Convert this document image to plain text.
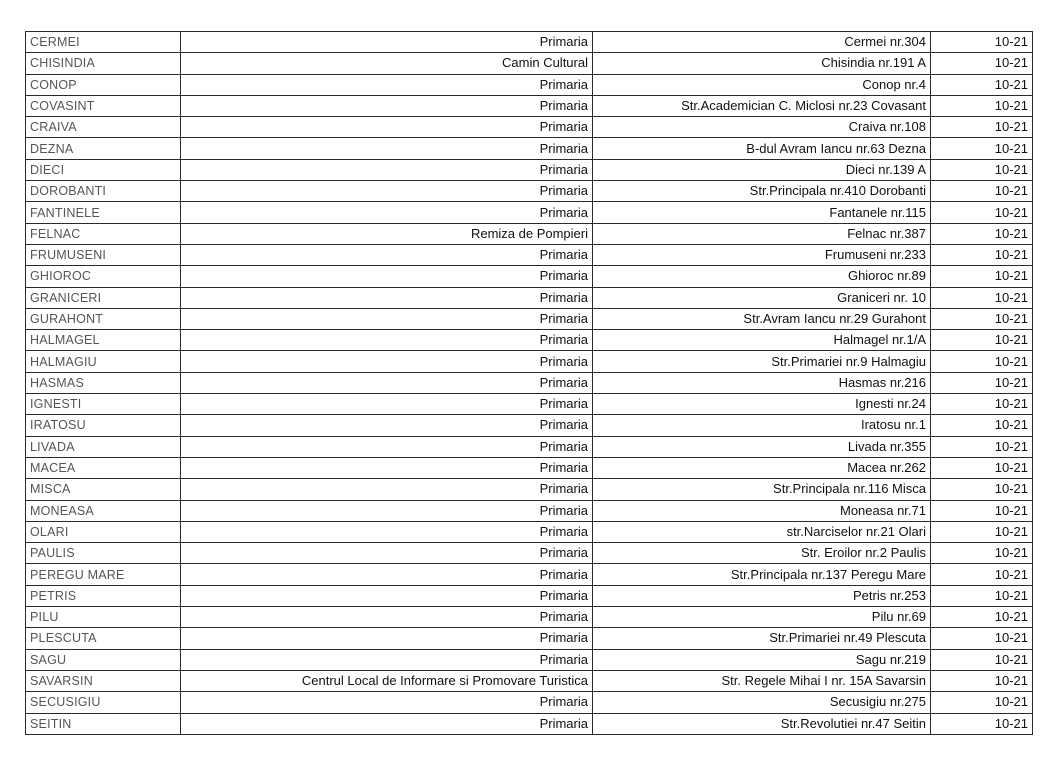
CERMEI	Primaria	Cermei nr.304	10-21
CHISINDIA	Camin Cultural	Chisindia nr.191 A	10-21
CONOP	Primaria	Conop nr.4	10-21
COVASINT	Primaria	Str.Academician C. Miclosi nr.23 Covasant	10-21
CRAIVA	Primaria	Craiva nr.108	10-21
DEZNA	Primaria	B-dul Avram Iancu nr.63 Dezna	10-21
DIECI	Primaria	Dieci nr.139 A	10-21
DOROBANTI	Primaria	Str.Principala nr.410 Dorobanti	10-21
FANTINELE	Primaria	Fantanele nr.115	10-21
FELNAC	Remiza de Pompieri	Felnac nr.387	10-21
FRUMUSENI	Primaria	Frumuseni nr.233	10-21
GHIOROC	Primaria	Ghioroc nr.89	10-21
GRANICERI	Primaria	Graniceri nr. 10	10-21
GURAHONT	Primaria	Str.Avram Iancu nr.29 Gurahont	10-21
HALMAGEL	Primaria	Halmagel nr.1/A	10-21
HALMAGIU	Primaria	Str.Primariei nr.9 Halmagiu	10-21
HASMAS	Primaria	Hasmas nr.216	10-21
IGNESTI	Primaria	Ignesti nr.24	10-21
IRATOSU	Primaria	Iratosu nr.1	10-21
LIVADA	Primaria	Livada nr.355	10-21
MACEA	Primaria	Macea nr.262	10-21
MISCA	Primaria	Str.Principala nr.116 Misca	10-21
MONEASA	Primaria	Moneasa nr.71	10-21
OLARI	Primaria	str.Narciselor nr.21 Olari	10-21
PAULIS	Primaria	Str. Eroilor nr.2 Paulis	10-21
PEREGU MARE	Primaria	Str.Principala nr.137 Peregu Mare	10-21
PETRIS	Primaria	Petris nr.253	10-21
PILU	Primaria	Pilu nr.69	10-21
PLESCUTA	Primaria	Str.Primariei nr.49 Plescuta	10-21
SAGU	Primaria	Sagu nr.219	10-21
SAVARSIN	Centrul Local de Informare si Promovare Turistica	Str. Regele Mihai I nr. 15A Savarsin	10-21
SECUSIGIU	Primaria	Secusigiu nr.275	10-21
SEITIN	Primaria	Str.Revolutiei nr.47 Seitin	10-21
